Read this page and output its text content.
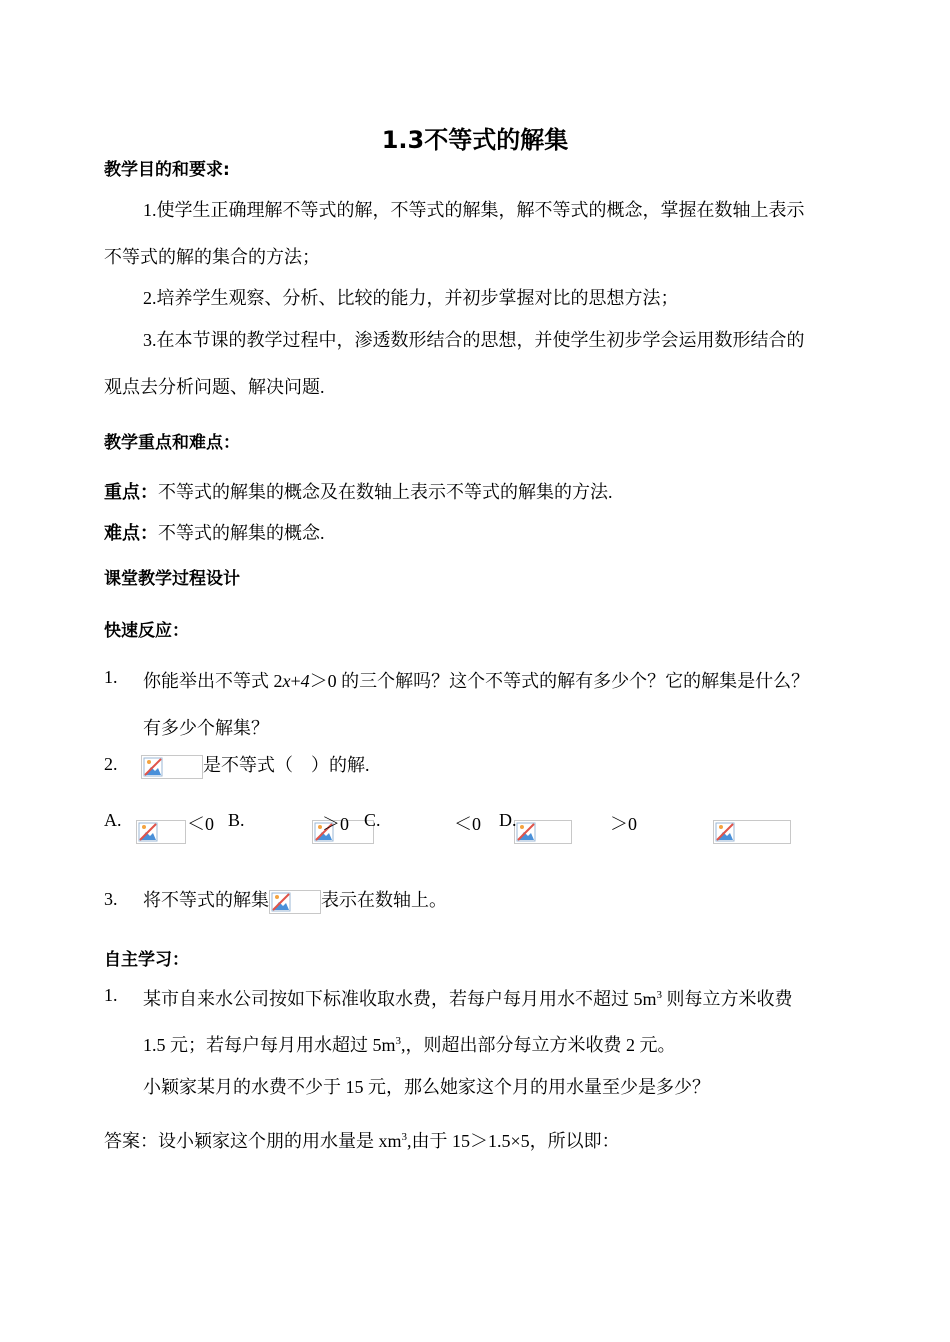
1.3不等式的解集
教学目的和要求:
1.使学生正确理解不等式的解，不等式的解集，解不等式的概念，掌握在数轴上表示
不等式的解的集合的方法；
2.培养学生观察、分析、比较的能力，并初步掌握对比的思想方法；
3.在本节课的教学过程中，渗透数形结合的思想，并使学生初步学会运用数形结合的
观点去分析问题、解决问题.
教学重点和难点：
重点：不等式的解集的概念及在数轴上表示不等式的解集的方法.
难点：不等式的解集的概念.
课堂教学过程设计
快速反应：
1. 你能举出不等式 2x+4＞0 的三个解吗？这个不等式的解有多少个？它的解集是什么？
有多少个解集？
2.	是不等式（　）的解.
A.
	＜0 B.
	＞0 C.
	＜0 D.	＞0
3. 将不等式的解集	表示在数轴上。
自主学习：
1. 某市自来水公司按如下标准收取水费，若每户每月用水不超过 $5m^3$ 则每立方米收费
1.5 元；若每户每月用水超过 $5m^3$,，则超出部分每立方米收费 2 元。
小颖家某月的水费不少于 15 元，那么她家这个月的用水量至少是多少？
答案：设小颖家这个朋的用水量是 $xm^3$,由于 15＞1.5×5，所以即：
